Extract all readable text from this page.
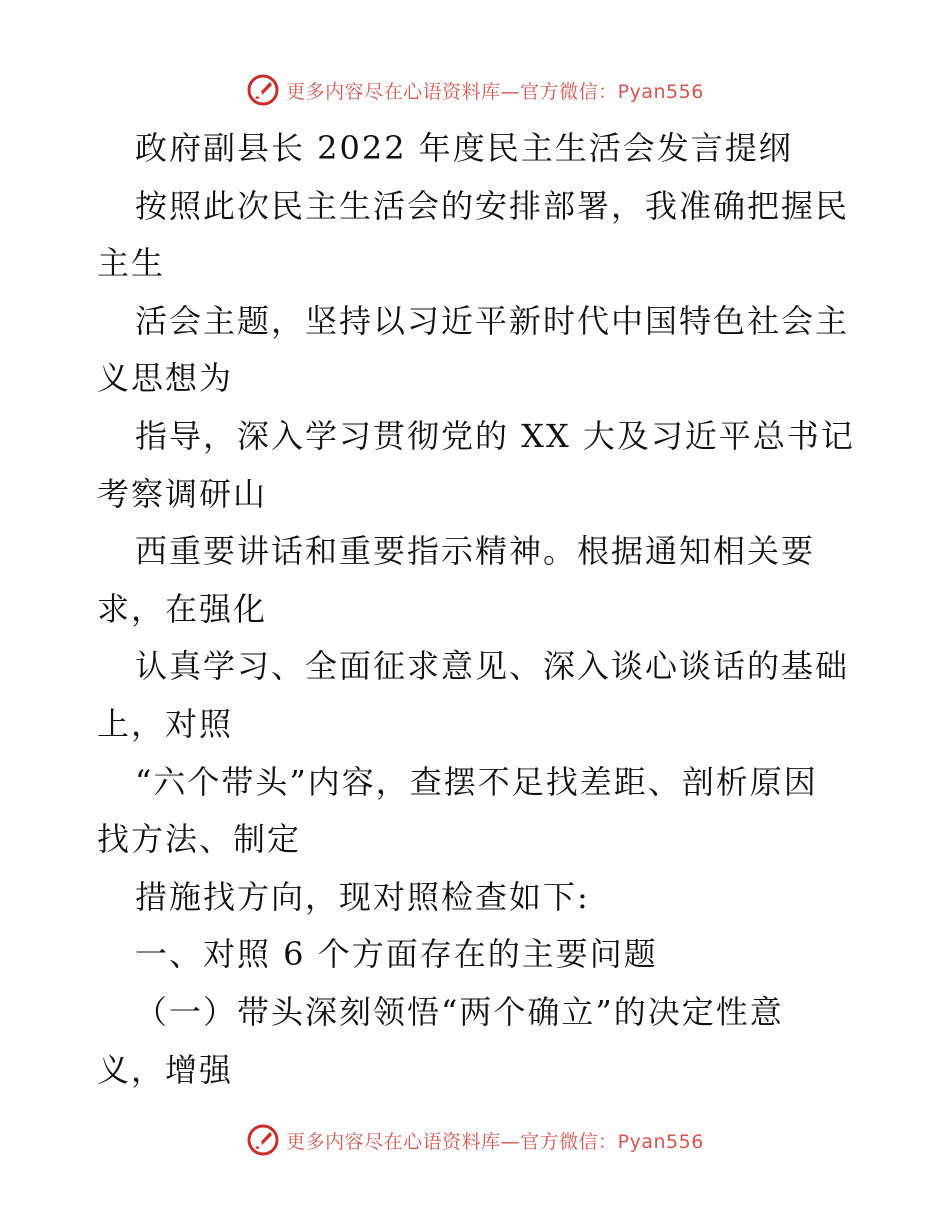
更多内容尽在心语资料库—官方微信：Pyan556
政府副县长 2022 年度民主生活会发言提纲
按照此次民主生活会的安排部署，我准确把握民
主生
活会主题，坚持以习近平新时代中国特色社会主
义思想为
指导，深入学习贯彻党的 XX 大及习近平总书记
考察调研山
西重要讲话和重要指示精神。根据通知相关要
求，在强化
认真学习、全面征求意见、深入谈心谈话的基础
上，对照
“六个带头”内容，查摆不足找差距、剖析原因
找方法、制定
措施找方向，现对照检查如下:
一、对照 6 个方面存在的主要问题
（一）带头深刻领悟“两个确立”的决定性意
义，增强
更多内容尽在心语资料库—官方微信：Pyan556
